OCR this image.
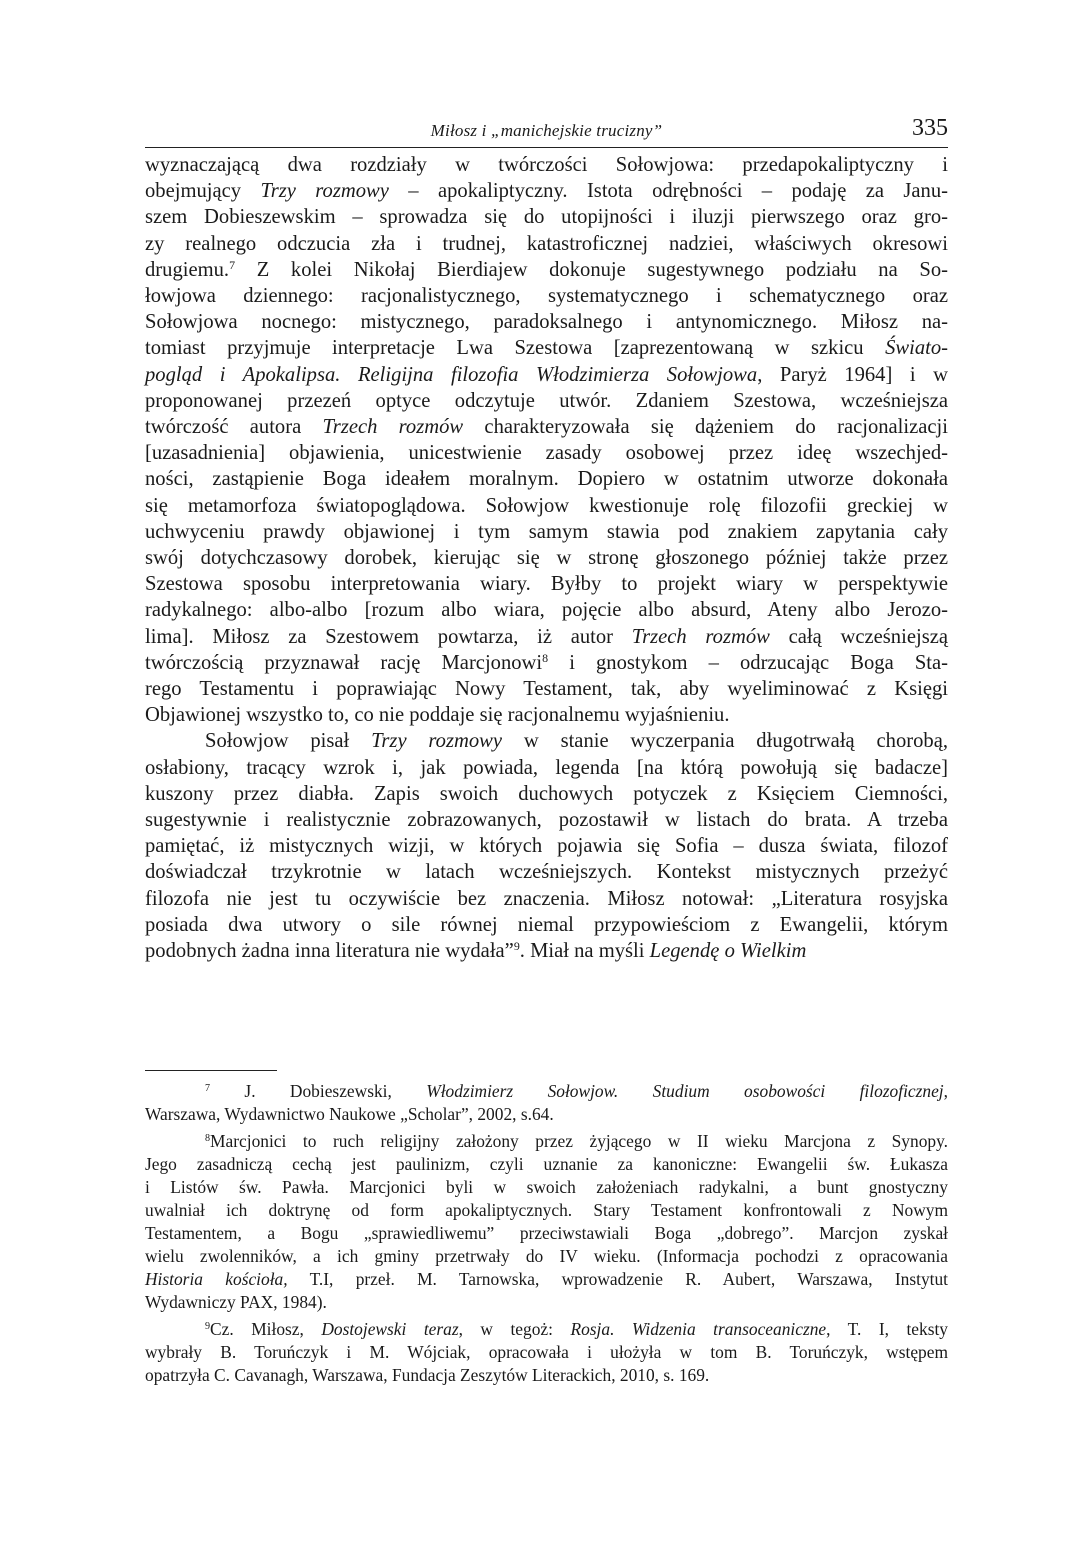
Miłosz i „manichejskie trucizny”	335
wyznaczającą dwa rozdziały w twórczości Sołowjowa: przedapokaliptyczny i
obejmujący Trzy rozmowy – apokaliptyczny. Istota odrębności – podaję za Janu-
szem Dobieszewskim – sprowadza się do utopijności i iluzji pierwszego oraz gro-
zy realnego odczucia zła i trudnej, katastroficznej nadziei, właściwych okresowi
drugiemu.$^7$ Z kolei Nikołaj Bierdiajew dokonuje sugestywnego podziału na So-
łowjowa dziennego: racjonalistycznego, systematycznego i schematycznego oraz
Sołowjowa nocnego: mistycznego, paradoksalnego i antynomicznego. Miłosz na-
tomiast przyjmuje interpretacje Lwa Szestowa [zaprezentowaną w szkicu Światо-
pogląd i Apokalipsa. Religijna filozofia Włodzimierza Sołowjowa, Paryż 1964] i w
proponowanej przezeń optyce odczytuje utwór. Zdaniem Szestowa, wcześniejsza
twórczość autora Trzech rozmów charakteryzowała się dążeniem do racjonalizacji
[uzasadnienia] objawienia, unicestwienie zasady osobowej przez ideę wszechjed-
ności, zastąpienie Boga ideałem moralnym. Dopiero w ostatnim utworze dokonała
się metamorfoza światopoglądowa. Sołowjow kwestionuje rolę filozofii greckiej w
uchwyceniu prawdy objawionej i tym samym stawia pod znakiem zapytania cały
swój dotychczasowy dorobek, kierując się w stronę głoszonego później także przez
Szestowa sposobu interpretowania wiary. Byłby to projekt wiary w perspektywie
radykalnego: albo-albo [rozum albo wiara, pojęcie albo absurd, Ateny albo Jerozo-
lima]. Miłosz za Szestowem powtarza, iż autor Trzech rozmów całą wcześniejszą
twórczością przyznawał rację Marcjonowi$^8$ i gnostykom – odrzucając Boga Sta-
rego Testamentu i poprawiając Nowy Testament, tak, aby wyeliminować z Księgi
Objawionej wszystko to, co nie poddaje się racjonalnemu wyjaśnieniu.
Sołowjow pisał Trzy rozmowy w stanie wyczerpania długotrwałą chorobą,
osłabiony, tracący wzrok i, jak powiada, legenda [na którą powołują się badacze]
kuszony przez diabła. Zapis swoich duchowych potyczek z Księciem Ciemności,
sugestywnie i realistycznie zobrazowanych, pozostawił w listach do brata. A trzeba
pamiętać, iż mistycznych wizji, w których pojawia się Sofia – dusza świata, filozof
doświadczał trzykrotnie w latach wcześniejszych. Kontekst mistycznych przeżyć
filozofa nie jest tu oczywiście bez znaczenia. Miłosz notował: „Literatura rosyjska
posiada dwa utwory o sile równej niemal przypowieściom z Ewangelii, którym
podobnych żadna inna literatura nie wydała”$^9$. Miał na myśli Legendę o Wielkim
$^7$ J. Dobieszewski, Włodzimierz Sołowjow. Studium osobowości filozoficznej,
Warszawa, Wydawnictwo Naukowe „Scholar”, 2002, s.64.
$^8$Marcjonici to ruch religijny założony przez żyjącego w II wieku Marcjona z Synopy.
Jego zasadniczą cechą jest paulinizm, czyli uznanie za kanoniczne: Ewangelii św. Łukasza
i Listów św. Pawła. Marcjonici byli w swoich założeniach radykalni, a bunt gnostyczny
uwalniał ich doktrynę od form apokaliptycznych. Stary Testament konfrontowali z Nowym
Testamentem, a Bogu „sprawiedliwemu” przeciwstawiali Boga „dobrego”. Marcjon zyskał
wielu zwolenników, a ich gminy przetrwały do IV wieku. (Informacja pochodzi z opracowania
Historia kościoła, T.I, przeł. M. Tarnowska, wprowadzenie R. Aubert, Warszawa, Instytut
Wydawniczy PAX, 1984).
$^9$Cz. Miłosz, Dostojewski teraz, w tegoż: Rosja. Widzenia transoceaniczne, T. I, teksty
wybrały B. Toruńczyk i M. Wójciak, opracowała i ułożyła w tom B. Toruńczyk, wstępem
opatrzyła C. Cavanagh, Warszawa, Fundacja Zeszytów Literackich, 2010, s. 169.
